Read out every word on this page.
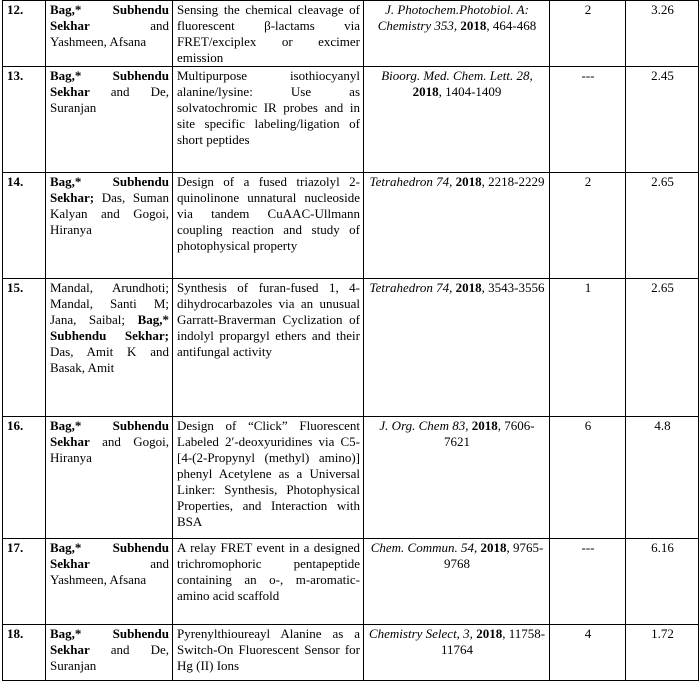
12.	Bag,* Subhendu Sekhar and Yashmeen, Afsana	Sensing the chemical cleavage of fluorescent β-lactams via FRET/exciplex or excimer emission	J. Photochem.Photobiol. A: Chemistry 353, 2018, 464-468	2	3.26
13.	Bag,* Subhendu Sekhar and De, Suranjan	Multipurpose isothiocyanyl alanine/lysine: Use as solvatochromic IR probes and in site specific labeling/ligation of short peptides	Bioorg. Med. Chem. Lett. 28, 2018, 1404-1409	---	2.45
14.	Bag,* Subhendu Sekhar; Das, Suman Kalyan and Gogoi, Hiranya	Design of a fused triazolyl 2-quinolinone unnatural nucleoside via tandem CuAAC-Ullmann coupling reaction and study of photophysical property	Tetrahedron 74, 2018, 2218-2229	2	2.65
15.	Mandal, Arundhoti; Mandal, Santi M; Jana, Saibal; Bag,* Subhendu Sekhar; Das, Amit K and Basak, Amit	Synthesis of furan-fused 1, 4-dihydrocarbazoles via an unusual Garratt-Braverman Cyclization of indolyl propargyl ethers and their antifungal activity	Tetrahedron 74, 2018, 3543-3556	1	2.65
16.	Bag,* Subhendu Sekhar and Gogoi, Hiranya	Design of “Click” Fluorescent Labeled 2′-deoxyuridines via C5-[4-(2-Propynyl (methyl) amino)] phenyl Acetylene as a Universal Linker: Synthesis, Photophysical Properties, and Interaction with BSA	J. Org. Chem 83, 2018, 7606-7621	6	4.8
17.	Bag,* Subhendu Sekhar and Yashmeen, Afsana	A relay FRET event in a designed trichromophoric pentapeptide containing an o-, m-aromatic-amino acid scaffold	Chem. Commun. 54, 2018, 9765-9768	---	6.16
18.	Bag,* Subhendu Sekhar and De, Suranjan	Pyrenylthioureayl Alanine as a Switch-On Fluorescent Sensor for Hg (II) Ions	Chemistry Select, 3, 2018, 11758-11764	4	1.72
